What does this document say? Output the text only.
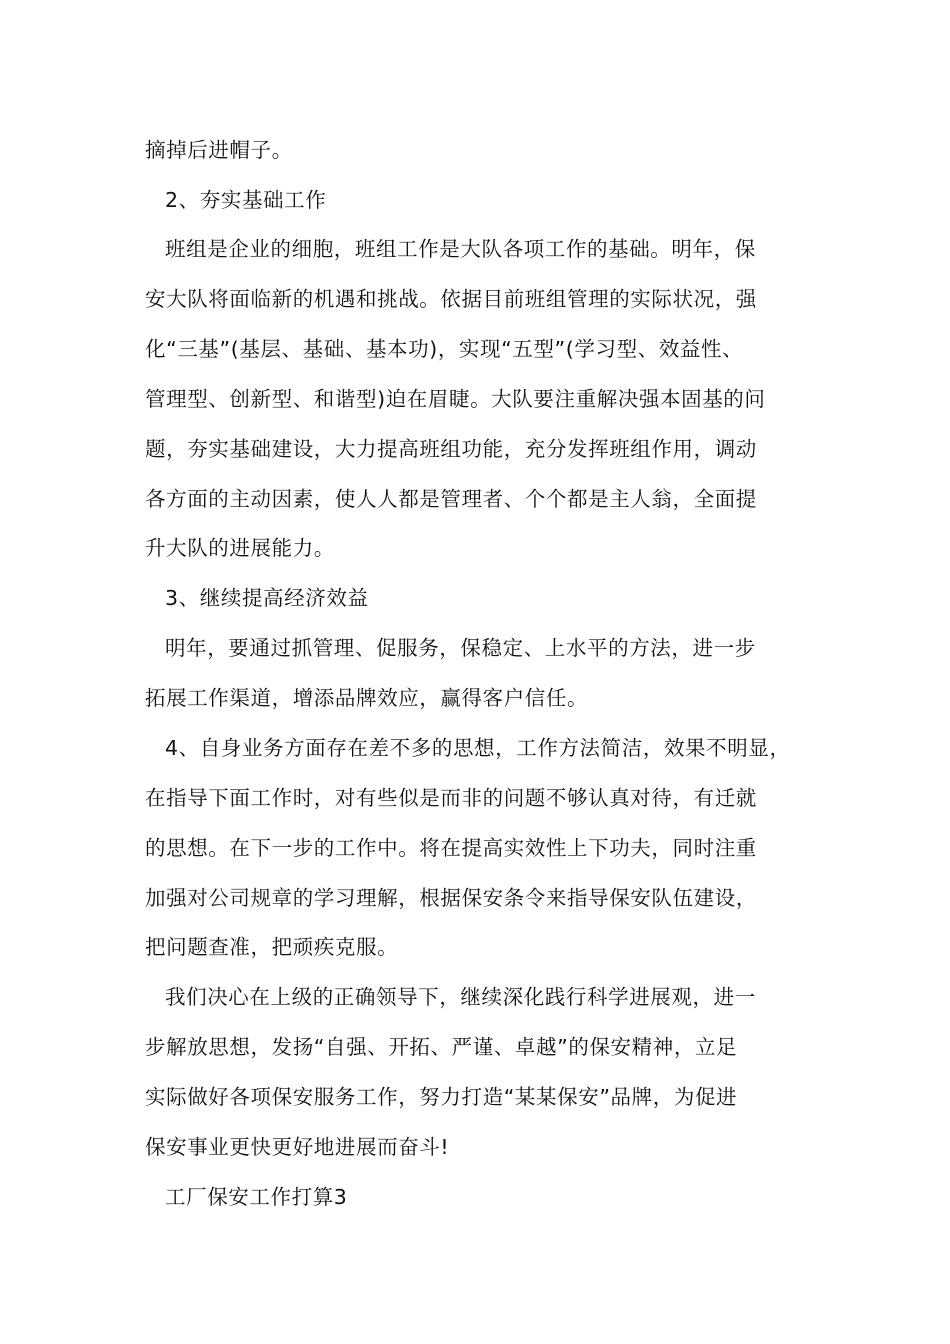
摘掉后进帽子。
2、夯实基础工作
班组是企业的细胞，班组工作是大队各项工作的基础。明年，保
安大队将面临新的机遇和挑战。依据目前班组管理的实际状况，强
化“三基”(基层、基础、基本功)，实现“五型”(学习型、效益性、
管理型、创新型、和谐型)迫在眉睫。大队要注重解决强本固基的问
题，夯实基础建设，大力提高班组功能，充分发挥班组作用，调动
各方面的主动因素，使人人都是管理者、个个都是主人翁，全面提
升大队的进展能力。
3、继续提高经济效益
明年，要通过抓管理、促服务，保稳定、上水平的方法，进一步
拓展工作渠道，增添品牌效应，赢得客户信任。
4、自身业务方面存在差不多的思想，工作方法简洁，效果不明显，
在指导下面工作时，对有些似是而非的问题不够认真对待，有迁就
的思想。在下一步的工作中。将在提高实效性上下功夫，同时注重
加强对公司规章的学习理解，根据保安条令来指导保安队伍建设，
把问题查准，把顽疾克服。
我们决心在上级的正确领导下，继续深化践行科学进展观，进一
步解放思想，发扬“自强、开拓、严谨、卓越”的保安精神，立足
实际做好各项保安服务工作，努力打造“某某保安”品牌，为促进
保安事业更快更好地进展而奋斗!
工厂保安工作打算3
